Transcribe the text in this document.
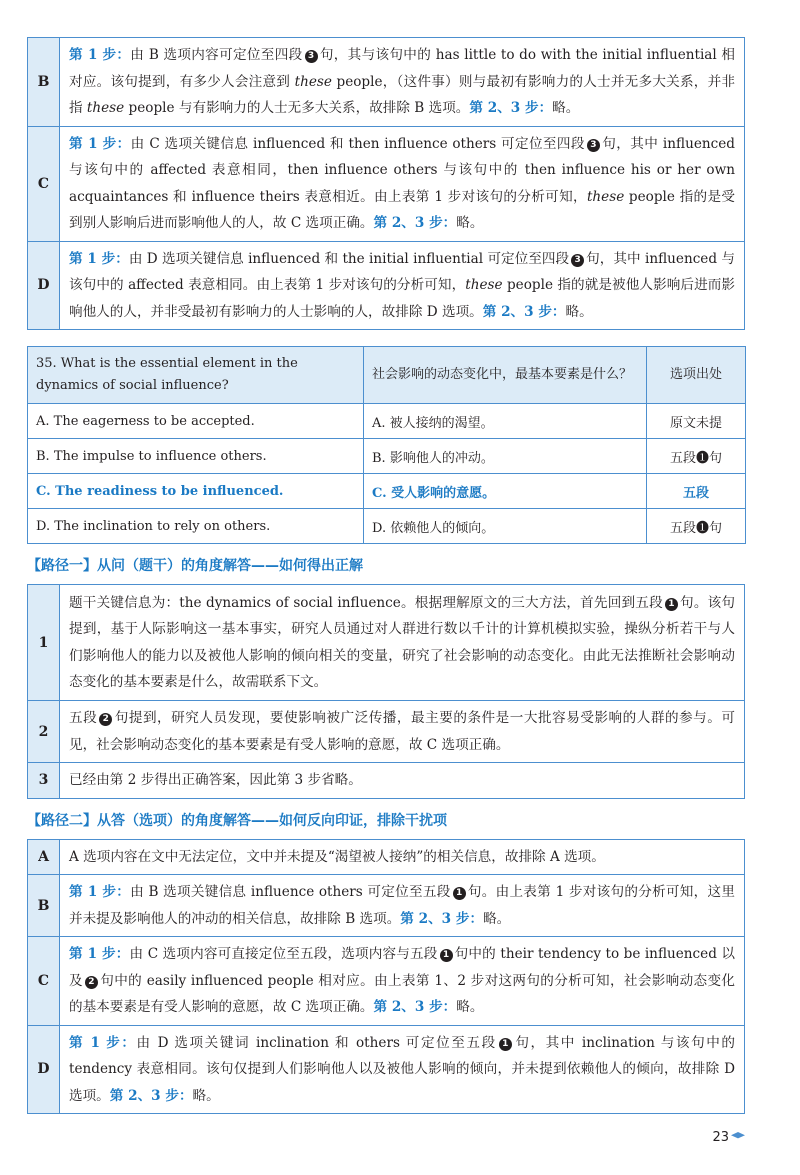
B	第 1 步：由 B 选项内容可定位至四段 3 句，其与该句中的 has little to do with the initial influential 相对应。该句提到，有多少人会注意到 these people，（这件事）则与最初有影响力的人士并无多大关系，并非指 these people 与有影响力的人士无多大关系，故排除 B 选项。第 2、3 步：略。
C	第 1 步：由 C 选项关键信息 influenced 和 then influence others 可定位至四段 3 句，其中 influenced 与该句中的 affected 表意相同，then influence others 与该句中的 then influence his or her own acquaintances 和 influence theirs 表意相近。由上表第 1 步对该句的分析可知，these people 指的是受到别人影响后进而影响他人的人，故 C 选项正确。第 2、3 步：略。
D	第 1 步：由 D 选项关键信息 influenced 和 the initial influential 可定位至四段 3 句，其中 influenced 与该句中的 affected 表意相同。由上表第 1 步对该句的分析可知，these people 指的就是被他人影响后进而影响他人的人，并非受最初有影响力的人士影响的人，故排除 D 选项。第 2、3 步：略。
35. What is the essential element in the dynamics of social influence?	社会影响的动态变化中，最基本要素是什么？	选项出处
A. The eagerness to be accepted.	A. 被人接纳的渴望。	原文未提
B. The impulse to influence others.	B. 影响他人的冲动。	五段❶句
C. The readiness to be influenced.	C. 受人影响的意愿。	五段
D. The inclination to rely on others.	D. 依赖他人的倾向。	五段❶句
【路径一】从问（题干）的角度解答——如何得出正解
1	题干关键信息为：the dynamics of social influence。根据理解原文的三大方法，首先回到五段 1 句。该句提到，基于人际影响这一基本事实，研究人员通过对人群进行数以千计的计算机模拟实验，操纵分析若干与人们影响他人的能力以及被他人影响的倾向相关的变量，研究了社会影响的动态变化。由此无法推断社会影响动态变化的基本要素是什么，故需联系下文。
2	五段 2 句提到，研究人员发现，要使影响被广泛传播，最主要的条件是一大批容易受影响的人群的参与。可见，社会影响动态变化的基本要素是有受人影响的意愿，故 C 选项正确。
3	已经由第 2 步得出正确答案，因此第 3 步省略。
【路径二】从答（选项）的角度解答——如何反向印证，排除干扰项
A	A 选项内容在文中无法定位，文中并未提及“渴望被人接纳”的相关信息，故排除 A 选项。
B	第 1 步：由 B 选项关键信息 influence others 可定位至五段 1 句。由上表第 1 步对该句的分析可知，这里并未提及影响他人的冲动的相关信息，故排除 B 选项。第 2、3 步：略。
C	第 1 步：由 C 选项内容可直接定位至五段，选项内容与五段 1 句中的 their tendency to be influenced 以及 2 句中的 easily influenced people 相对应。由上表第 1、2 步对这两句的分析可知，社会影响动态变化的基本要素是有受人影响的意愿，故 C 选项正确。第 2、3 步：略。
D	第 1 步：由 D 选项关键词 inclination 和 others 可定位至五段 1 句，其中 inclination 与该句中的 tendency 表意相同。该句仅提到人们影响他人以及被他人影响的倾向，并未提到依赖他人的倾向，故排除 D 选项。第 2、3 步：略。
23
